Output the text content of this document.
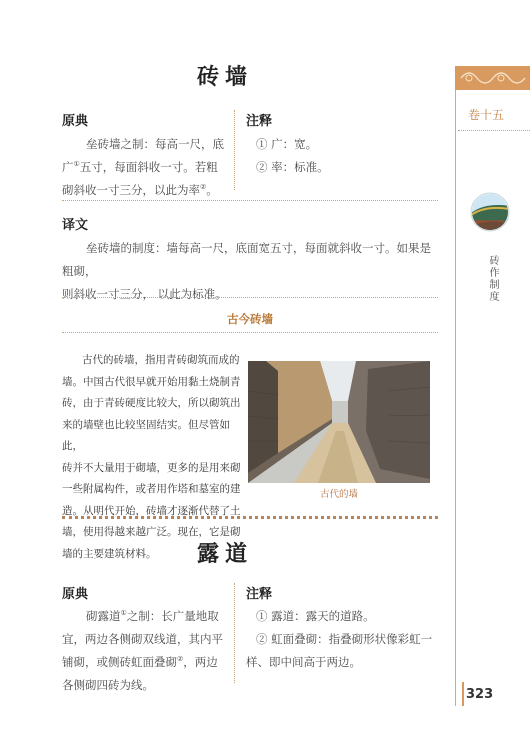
砖墙
原典	注释
垒砖墙之制：每高一尺，底
广①五寸，每面斜收一寸。若粗
砌斜收一寸三分，以此为率②。
① 广：宽。
② 率：标准。
译文
垒砖墙的制度：墙每高一尺，底面宽五寸，每面就斜收一寸。如果是粗砌，
则斜收一寸三分， 以此为标准。
古今砖墙
古代的砖墙，指用青砖砌筑而成的
墙。中国古代很早就开始用黏土烧制青
砖，由于青砖硬度比较大，所以砌筑出
来的墙壁也比较坚固结实。但尽管如此，
砖并不大量用于砌墙，更多的是用来砌
一些附属构件，或者用作塔和墓室的建
造。从明代开始，砖墙才逐渐代替了土
墙，使用得越来越广泛。现在，它是砌
墙的主要建筑材料。
古代的墙
露道
原典	注释
砌露道①之制：长广量地取
宜，两边各侧砌双线道，其内平
铺砌，或侧砖虹面叠砌②，两边
各侧砌四砖为线。
① 露道：露天的道路。
② 虹面叠砌：指叠砌形状像彩虹一
样、即中间高于两边。
卷十五
砖作制度
323
